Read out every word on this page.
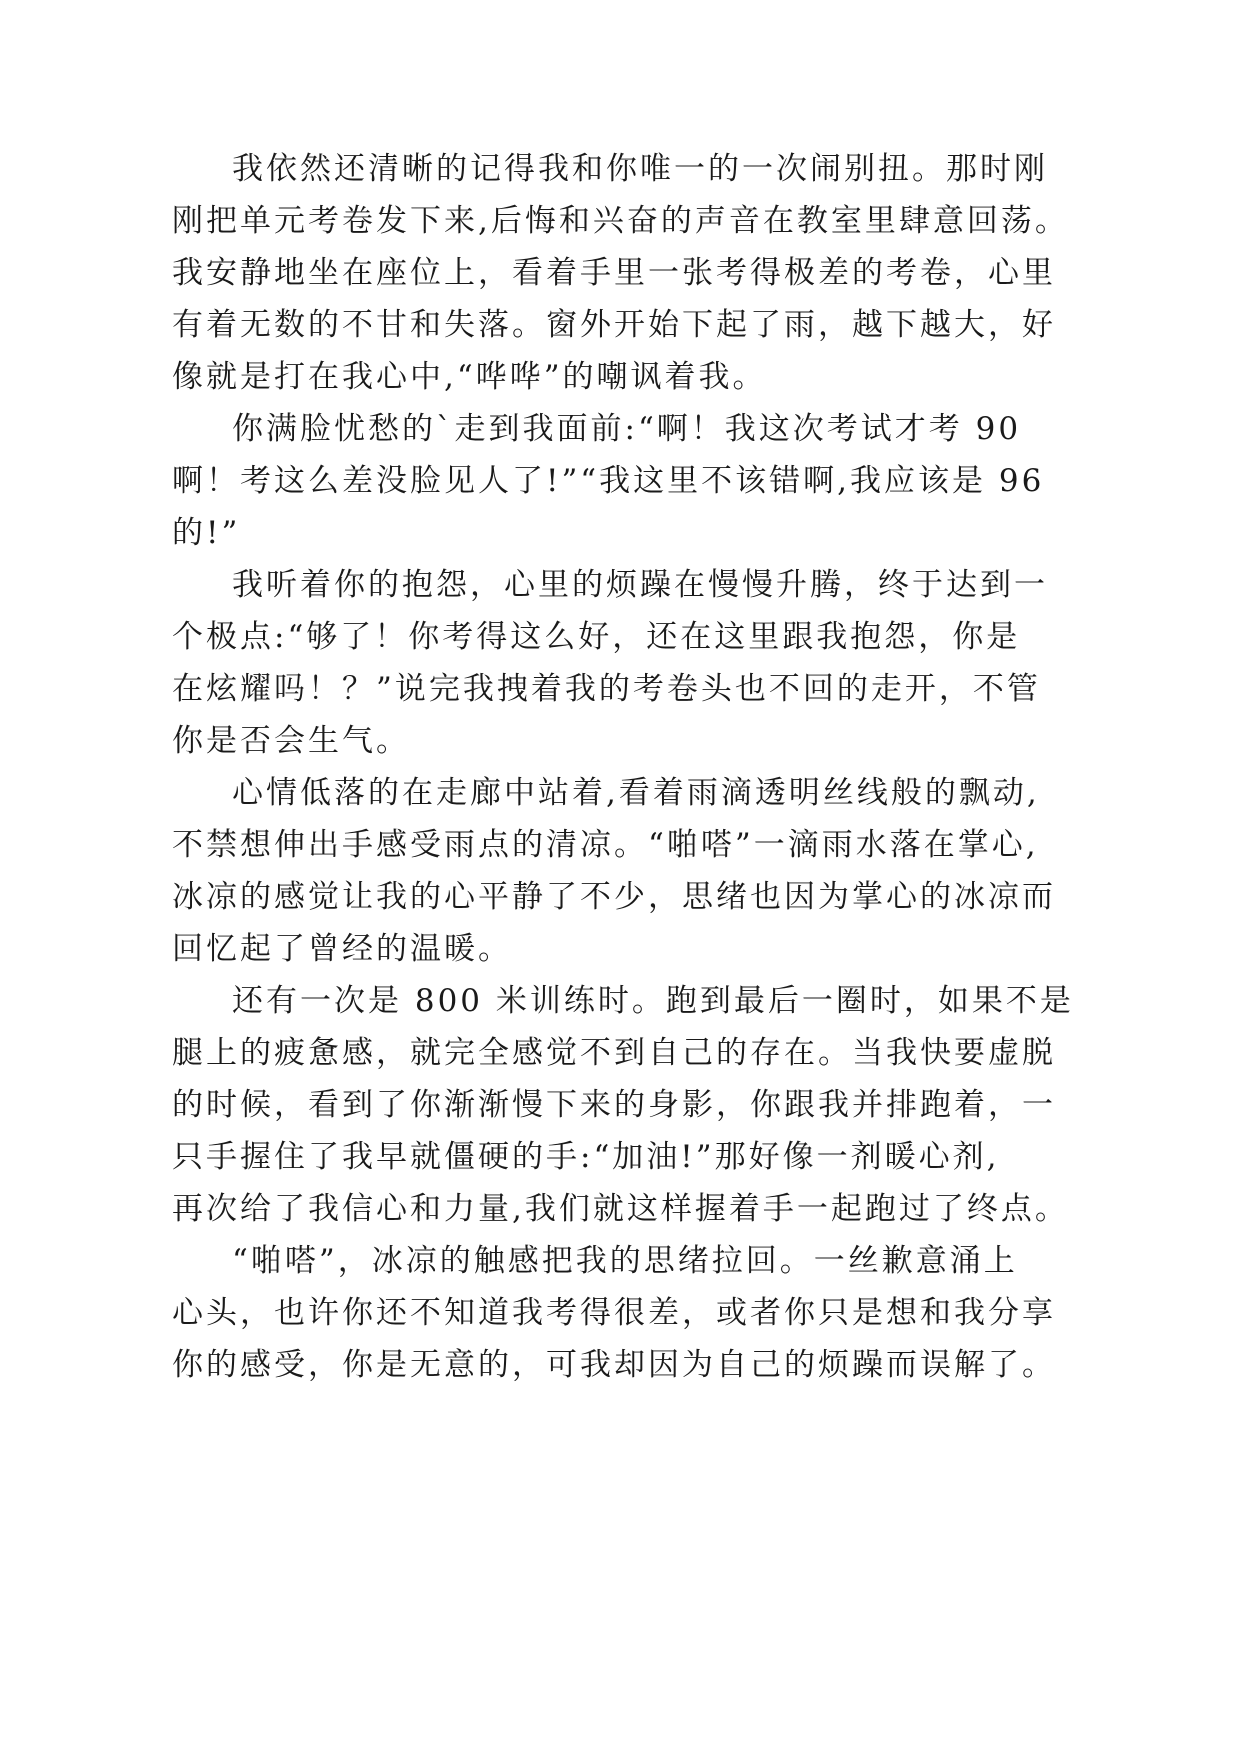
我依然还清晰的记得我和你唯一的一次闹别扭。那时刚

刚把单元考卷发下来,后悔和兴奋的声音在教室里肆意回荡。

我安静地坐在座位上，看着手里一张考得极差的考卷，心里

有着无数的不甘和失落。窗外开始下起了雨，越下越大，好

像就是打在我心中,“哗哗”的嘲讽着我。

你满脸忧愁的`走到我面前:“啊！我这次考试才考 90

啊！考这么差没脸见人了!”“我这里不该错啊,我应该是 96

的!”

我听着你的抱怨，心里的烦躁在慢慢升腾，终于达到一

个极点:“够了！你考得这么好，还在这里跟我抱怨，你是

在炫耀吗！？”说完我拽着我的考卷头也不回的走开，不管

你是否会生气。

心情低落的在走廊中站着,看着雨滴透明丝线般的飘动,

不禁想伸出手感受雨点的清凉。“啪嗒”一滴雨水落在掌心,

冰凉的感觉让我的心平静了不少，思绪也因为掌心的冰凉而

回忆起了曾经的温暖。

还有一次是 800 米训练时。跑到最后一圈时，如果不是

腿上的疲惫感，就完全感觉不到自己的存在。当我快要虚脱

的时候，看到了你渐渐慢下来的身影，你跟我并排跑着，一

只手握住了我早就僵硬的手:“加油!”那好像一剂暖心剂,

再次给了我信心和力量,我们就这样握着手一起跑过了终点。

“啪嗒”，冰凉的触感把我的思绪拉回。一丝歉意涌上

心头，也许你还不知道我考得很差，或者你只是想和我分享

你的感受，你是无意的，可我却因为自己的烦躁而误解了。
